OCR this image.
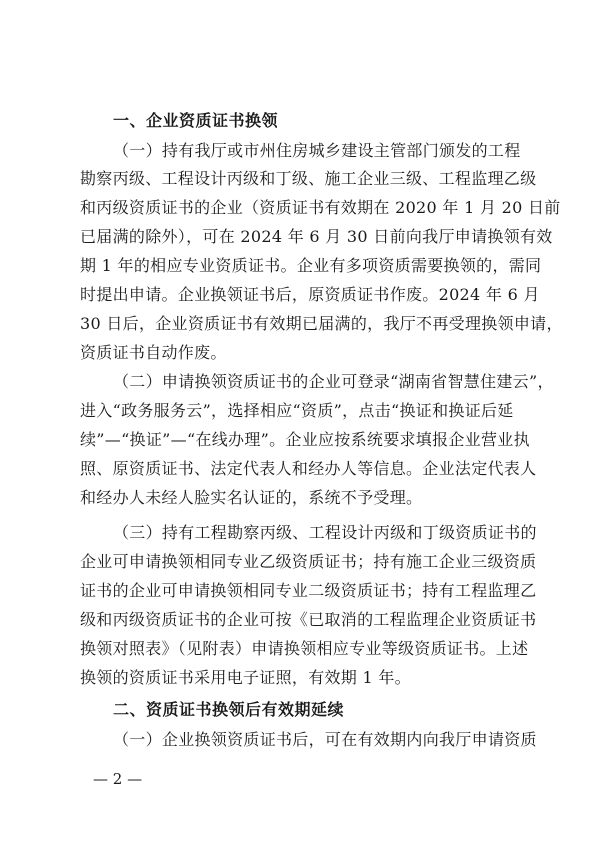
一、企业资质证书换领
（一）持有我厅或市州住房城乡建设主管部门颁发的工程
勘察丙级、工程设计丙级和丁级、施工企业三级、工程监理乙级
和丙级资质证书的企业（资质证书有效期在 2020 年 1 月 20 日前
已届满的除外），可在 2024 年 6 月 30 日前向我厅申请换领有效
期 1 年的相应专业资质证书。企业有多项资质需要换领的，需同
时提出申请。企业换领证书后，原资质证书作废。2024 年 6 月
30 日后，企业资质证书有效期已届满的，我厅不再受理换领申请，
资质证书自动作废。
（二）申请换领资质证书的企业可登录“湖南省智慧住建云”，
进入“政务服务云”，选择相应“资质”，点击“换证和换证后延
续”—“换证”—“在线办理”。企业应按系统要求填报企业营业执
照、原资质证书、法定代表人和经办人等信息。企业法定代表人
和经办人未经人脸实名认证的，系统不予受理。
（三）持有工程勘察丙级、工程设计丙级和丁级资质证书的
企业可申请换领相同专业乙级资质证书；持有施工企业三级资质
证书的企业可申请换领相同专业二级资质证书；持有工程监理乙
级和丙级资质证书的企业可按《已取消的工程监理企业资质证书
换领对照表》（见附表）申请换领相应专业等级资质证书。上述
换领的资质证书采用电子证照，有效期 1 年。
二、资质证书换领后有效期延续
（一）企业换领资质证书后，可在有效期内向我厅申请资质
— 2 —
